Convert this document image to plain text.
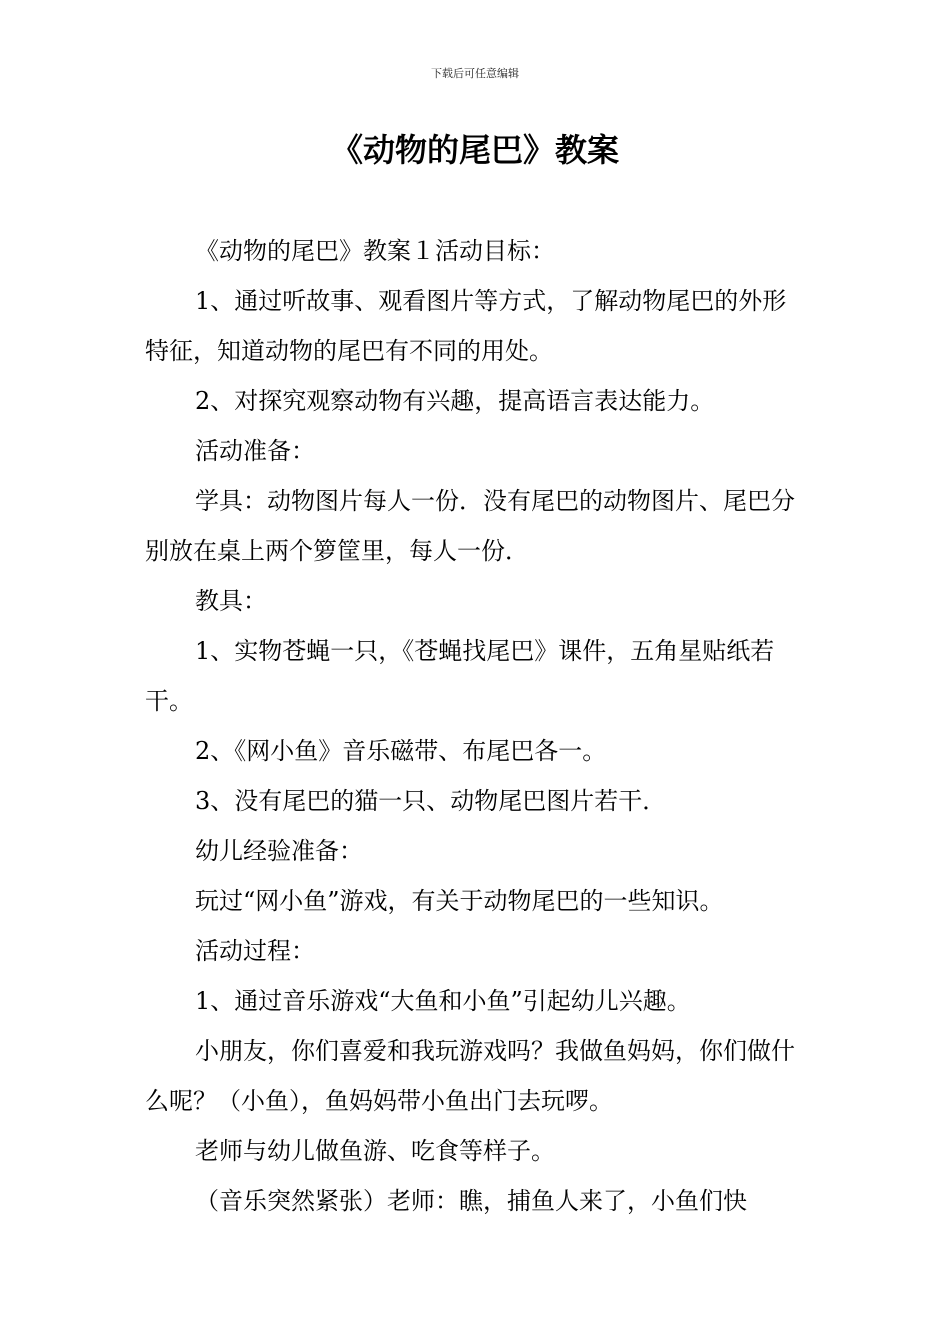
下载后可任意编辑
《动物的尾巴》教案

《动物的尾巴》教案１活动目标：

1、通过听故事、观看图片等方式，了解动物尾巴的外形特征，知道动物的尾巴有不同的用处。

2、对探究观察动物有兴趣，提高语言表达能力。

活动准备：

学具：动物图片每人一份．没有尾巴的动物图片、尾巴分别放在桌上两个箩筐里，每人一份．

教具：

1、实物苍蝇一只，《苍蝇找尾巴》课件，五角星贴纸若干。

2、《网小鱼》音乐磁带、布尾巴各一。

3、没有尾巴的猫一只、动物尾巴图片若干．

幼儿经验准备：

玩过“网小鱼”游戏，有关于动物尾巴的一些知识。

活动过程：

1、通过音乐游戏“大鱼和小鱼”引起幼儿兴趣。

小朋友，你们喜爱和我玩游戏吗？我做鱼妈妈，你们做什么呢？（小鱼），鱼妈妈带小鱼出门去玩啰。

老师与幼儿做鱼游、吃食等样子。

（音乐突然紧张）老师：瞧，捕鱼人来了，小鱼们快
